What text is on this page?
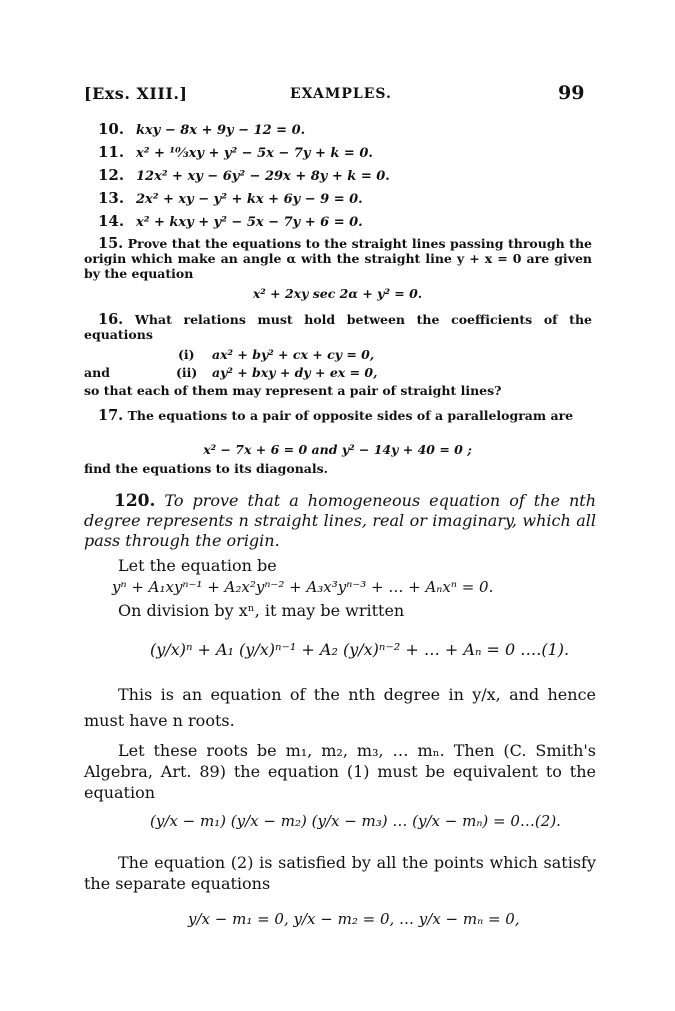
[Exs. XIII.]	EXAMPLES.	99
10. kxy − 8x + 9y − 12 = 0.
11. x² + ¹⁰⁄₃xy + y² − 5x − 7y + k = 0.
12. 12x² + xy − 6y² − 29x + 8y + k = 0.
13. 2x² + xy − y² + kx + 6y − 9 = 0.
14. x² + kxy + y² − 5x − 7y + 6 = 0.
15. Prove that the equations to the straight lines passing through the origin which make an angle α with the straight line y + x = 0 are given by the equation
x² + 2xy sec 2α + y² = 0.
16. What relations must hold between the coefficients of the equations
(i) ax² + by² + cx + cy = 0,
and	(ii) ay² + bxy + dy + ex = 0,
so that each of them may represent a pair of straight lines?
17. The equations to a pair of opposite sides of a parallelogram are
x² − 7x + 6 = 0 and y² − 14y + 40 = 0 ;
find the equations to its diagonals.
120. To prove that a homogeneous equation of the nth degree represents n straight lines, real or imaginary, which all pass through the origin.
Let the equation be
yⁿ + A₁xyⁿ⁻¹ + A₂x²yⁿ⁻² + A₃x³yⁿ⁻³ + … + Aₙxⁿ = 0.
On division by xⁿ, it may be written
(y/x)ⁿ + A₁ (y/x)ⁿ⁻¹ + A₂ (y/x)ⁿ⁻² + … + Aₙ = 0 ….(1).
This is an equation of the nth degree in y/x, and hence must have n roots.
Let these roots be m₁, m₂, m₃, … mₙ. Then (C. Smith's Algebra, Art. 89) the equation (1) must be equivalent to the equation
(y/x − m₁) (y/x − m₂) (y/x − m₃) … (y/x − mₙ) = 0…(2).
The equation (2) is satisfied by all the points which satisfy the separate equations
y/x − m₁ = 0, y/x − m₂ = 0, … y/x − mₙ = 0,
